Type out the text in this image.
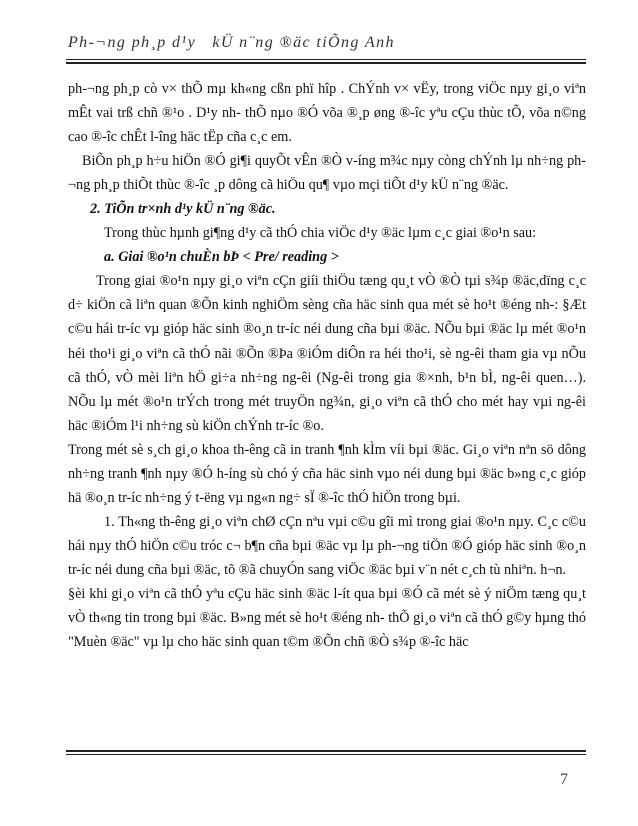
Ph-¬ng ph¸p d¹y   kÜ n¨ng ®äc tiÕng Anh

ph-¬ng ph¸p cò v× thÕ mµ kh«ng cßn phï hîp . ChÝnh v× vËy, trong viÖc nµy gi¸o viªn mÊt vai trß chñ ®¹o . D¹y nh- thÕ nµo ®Ó võa ®¸p øng ®-îc yªu cÇu thùc tÕ, võa n©ng cao ®-îc chÊt l-îng häc tËp cña c¸c em.

BiÕn ph¸p h÷u hiÖn ®Ó gi¶i quyÕt vÊn ®Ò v-íng m¾c nµy còng chÝnh lµ nh÷ng ph-¬ng ph¸p thiÕt thùc ®-îc ¸p dông cã hiÖu qu¶ vµo mçi tiÕt d¹y kÜ n¨ng ®äc.

2. TiÕn tr×nh d¹y kÜ n¨ng ®äc.

Trong thùc hµnh gi¶ng d¹y cã thÓ chia viÖc d¹y ®äc lµm c¸c giai ®o¹n sau:

a. Giai ®o¹n chuÈn bÞ < Pre/ reading >

Trong giai ®o¹n nµy gi¸o viªn cÇn giíi thiÖu tæng qu¸t vÒ ®Ò tµi s¾p ®äc,dïng c¸c d÷ kiÖn cã liªn quan ®Õn kinh nghiÖm sèng cña häc sinh qua mét sè ho¹t ®éng nh-: §Æt c©u hái tr-íc vµ gióp häc sinh ®o¸n tr-íc néi dung cña bµi ®äc. NÕu bµi ®äc lµ mét ®o¹n héi tho¹i gi¸o viªn cã thÓ nãi ®Õn ®Þa ®iÓm diÔn ra héi tho¹i, sè ng-êi tham gia vµ nÕu cã thÓ, vÒ mèi liªn hÖ gi÷a nh÷ng ng-êi (Ng-êi trong gia ®×nh, b¹n bÌ, ng-êi quen…). NÕu lµ mét ®o¹n trÝch trong mét truyÖn ng¾n, gi¸o viªn cã thÓ cho mét hay vµi ng-êi häc ®iÓm l¹i nh÷ng sù kiÖn chÝnh tr-íc ®o.

Trong mét sè s¸ch gi¸o khoa th-êng cã in tranh ¶nh kÌm víi bµi ®äc. Gi¸o viªn nªn sö dông nh÷ng tranh ¶nh nµy ®Ó h-íng sù chó ý cña häc sinh vµo néi dung bµi ®äc b»ng c¸c gióp hä ®o¸n tr-íc nh÷ng ý t-ëng vµ ng«n ng÷ sÏ ®-îc thÓ hiÖn trong bµi.

1. Th«ng th-êng gi¸o viªn chØ cÇn nªu vµi c©u gîi mì trong giai ®o¹n nµy. C¸c c©u hái nµy thÓ hiÖn c©u tróc c¬ b¶n cña bµi ®äc vµ lµ ph-¬ng tiÖn ®Ó gióp häc sinh ®o¸n tr-íc néi dung cña bµi ®äc, tõ ®ã chuyÓn sang viÖc ®äc bµi v¨n nét c¸ch tù nhiªn. h¬n.

§èi khi gi¸o viªn cã thÓ yªu cÇu häc sinh ®äc l-ít qua bµi ®Ó cã mét sè ý niÖm tæng qu¸t vÒ th«ng tin trong bµi ®äc. B»ng mét sè ho¹t ®éng nh- thÕ gi¸o viªn cã thÓ g©y hµng thó "Muèn ®äc" vµ lµ cho häc sinh quan t©m ®Õn chñ ®Ò s¾p ®-îc häc

7
